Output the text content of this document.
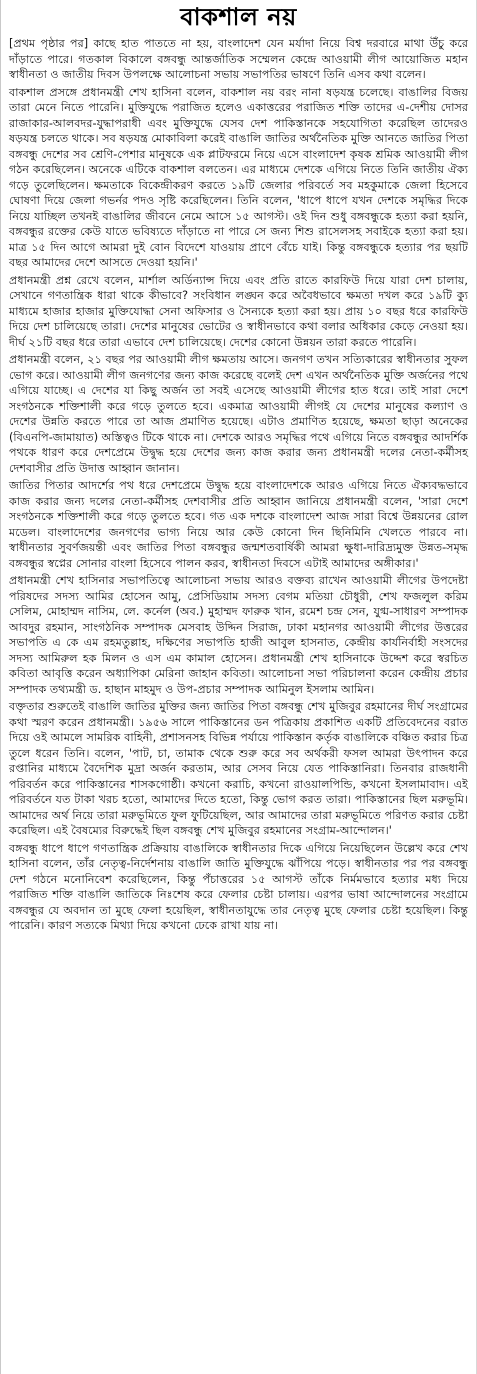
বাকশাল নয়

[প্রথম পৃষ্ঠার পর] কাছে হাত পাততে না হয়, বাংলাদেশ যেন মর্যাদা নিয়ে বিশ্ব দরবারে মাথা উঁচু করে দাঁড়াতে পারে। গতকাল বিকালে বঙ্গবন্ধু আন্তর্জাতিক সম্মেলন কেন্দ্রে আওয়ামী লীগ আয়োজিত মহান স্বাধীনতা ও জাতীয় দিবস উপলক্ষে আলোচনা সভায় সভাপতির ভাষণে তিনি এসব কথা বলেন।

বাকশাল প্রসঙ্গে প্রধানমন্ত্রী শেখ হাসিনা বলেন, বাকশাল নয় বরং নানা ষড়যন্ত্র চলেছে। বাঙালির বিজয় তারা মেনে নিতে পারেনি। মুক্তিযুদ্ধে পরাজিত হলেও একাত্তরের পরাজিত শক্তি তাদের এ-দেশীয় দোসর রাজাকার-আলবদর-যুদ্ধাপরাধী এবং মুক্তিযুদ্ধে যেসব দেশ পাকিস্তানকে সহযোগিতা করেছিল তাদেরও ষড়যন্ত্র চলতে থাকে। সব ষড়যন্ত্র মোকাবিলা করেই বাঙালি জাতির অর্থনৈতিক মুক্তি আনতে জাতির পিতা বঙ্গবন্ধু দেশের সব শ্রেণি-পেশার মানুষকে এক প্লাটফরমে নিয়ে এসে বাংলাদেশ কৃষক শ্রমিক আওয়ামী লীগ গঠন করেছিলেন। অনেকে এটিকে বাকশাল বলতেন। এর মাধ্যমে দেশকে এগিয়ে নিতে তিনি জাতীয় ঐক্য গড়ে তুলেছিলেন। ক্ষমতাকে বিকেন্দ্রীকরণ করতে ১৯টি জেলার পরিবর্তে সব মহকুমাকে জেলা হিসেবে ঘোষণা দিয়ে জেলা গভর্নর পদও সৃষ্টি করেছিলেন। তিনি বলেন, 'ধাপে ধাপে যখন দেশকে সমৃদ্ধির দিকে নিয়ে যাচ্ছিল তখনই বাঙালির জীবনে নেমে আসে ১৫ আগস্ট। ওই দিন শুধু বঙ্গবন্ধুকে হত্যা করা হয়নি, বঙ্গবন্ধুর রক্তের কেউ যাতে ভবিষ্যতে দাঁড়াতে না পারে সে জন্য শিশু রাসেলসহ সবাইকে হত্যা করা হয়। মাত্র ১৫ দিন আগে আমরা দুই বোন বিদেশে যাওয়ায় প্রাণে বেঁচে যাই। কিন্তু বঙ্গবন্ধুকে হত্যার পর ছয়টি বছর আমাদের দেশে আসতে দেওয়া হয়নি।'

প্রধানমন্ত্রী প্রশ্ন রেখে বলেন, মার্শাল অর্ডিন্যান্স দিয়ে এবং প্রতি রাতে কারফিউ দিয়ে যারা দেশ চালায়, সেখানে গণতান্ত্রিক ধারা থাকে কীভাবে? সংবিধান লঙ্ঘন করে অবৈধভাবে ক্ষমতা দখল করে ১৯টি ক্যু মাধ্যমে হাজার হাজার মুক্তিযোদ্ধা সেনা অফিসার ও সৈন্যকে হত্যা করা হয়। প্রায় ১০ বছর ধরে কারফিউ দিয়ে দেশ চালিয়েছে তারা। দেশের মানুষের ভোটের ও স্বাধীনভাবে কথা বলার অধিকার কেড়ে নেওয়া হয়। দীর্ঘ ২১টি বছর ধরে তারা এভাবে দেশ চালিয়েছে। দেশের কোনো উন্নয়ন তারা করতে পারেনি।

প্রধানমন্ত্রী বলেন, ২১ বছর পর আওয়ামী লীগ ক্ষমতায় আসে। জনগণ তখন সত্যিকারের স্বাধীনতার সুফল ভোগ করে। আওয়ামী লীগ জনগণের জন্য কাজ করেছে বলেই দেশ এখন অর্থনৈতিক মুক্তি অর্জনের পথে এগিয়ে যাচ্ছে। এ দেশের যা কিছু অর্জন তা সবই এসেছে আওয়ামী লীগের হাত ধরে। তাই সারা দেশে সংগঠনকে শক্তিশালী করে গড়ে তুলতে হবে। একমাত্র আওয়ামী লীগই যে দেশের মানুষের কল্যাণ ও দেশের উন্নতি করতে পারে তা আজ প্রমাণিত হয়েছে। এটাও প্রমাণিত হয়েছে, ক্ষমতা ছাড়া অনেকের (বিএনপি-জামায়াত) অস্তিত্বও টিকে থাকে না। দেশকে আরও সমৃদ্ধির পথে এগিয়ে নিতে বঙ্গবন্ধুর আদর্শিক পথকে ধারণ করে দেশপ্রেমে উদ্বুদ্ধ হয়ে দেশের জন্য কাজ করার জন্য প্রধানমন্ত্রী দলের নেতা-কর্মীসহ দেশবাসীর প্রতি উদাত্ত আহ্বান জানান।

জাতির পিতার আদর্শের পথ ধরে দেশপ্রেমে উদ্বুদ্ধ হয়ে বাংলাদেশকে আরও এগিয়ে নিতে ঐক্যবদ্ধভাবে কাজ করার জন্য দলের নেতা-কর্মীসহ দেশবাসীর প্রতি আহ্বান জানিয়ে প্রধানমন্ত্রী বলেন, 'সারা দেশে সংগঠনকে শক্তিশালী করে গড়ে তুলতে হবে। গত এক দশকে বাংলাদেশ আজ সারা বিশ্বে উন্নয়নের রোল মডেল। বাংলাদেশের জনগণের ভাগ্য নিয়ে আর কেউ কোনো দিন ছিনিমিনি খেলতে পারবে না। স্বাধীনতার সুবর্ণজয়ন্তী এবং জাতির পিতা বঙ্গবন্ধুর জন্মশতবার্ষিকী আমরা ক্ষুধা-দারিদ্র্যমুক্ত উন্নত-সমৃদ্ধ বঙ্গবন্ধুর স্বপ্নের সোনার বাংলা হিসেবে পালন করব, স্বাধীনতা দিবসে এটাই আমাদের অঙ্গীকার।'

প্রধানমন্ত্রী শেখ হাসিনার সভাপতিত্বে আলোচনা সভায় আরও বক্তব্য রাখেন আওয়ামী লীগের উপদেষ্টা পরিষদের সদস্য আমির হোসেন আমু, প্রেসিডিয়াম সদস্য বেগম মতিয়া চৌধুরী, শেখ ফজলুল করিম সেলিম, মোহাম্মদ নাসিম, লে. কর্নেল (অব.) মুহাম্মদ ফারুক খান, রমেশ চন্দ্র সেন, যুগ্ম-সাধারণ সম্পাদক আবদুর রহমান, সাংগঠনিক সম্পাদক মেসবাহ উদ্দিন সিরাজ, ঢাকা মহানগর আওয়ামী লীগের উত্তরের সভাপতি এ কে এম রহমতুল্লাহ, দক্ষিণের সভাপতি হাজী আবুল হাসনাত, কেন্দ্রীয় কার্যনির্বাহী সংসদের সদস্য আমিরুল হক মিলন ও এস এম কামাল হোসেন। প্রধানমন্ত্রী শেখ হাসিনাকে উদ্দেশ করে স্বরচিত কবিতা আবৃত্তি করেন অধ্যাপিকা মেরিনা জাহান কবিতা। আলোচনা সভা পরিচালনা করেন কেন্দ্রীয় প্রচার সম্পাদক তথ্যমন্ত্রী ড. হাছান মাহমুদ ও উপ-প্রচার সম্পাদক আমিনুল ইসলাম আমিন।

বক্তৃতার শুরুতেই বাঙালি জাতির মুক্তির জন্য জাতির পিতা বঙ্গবন্ধু শেখ মুজিবুর রহমানের দীর্ঘ সংগ্রামের কথা স্মরণ করেন প্রধানমন্ত্রী। ১৯৫৬ সালে পাকিস্তানের ডন পত্রিকায় প্রকাশিত একটি প্রতিবেদনের বরাত দিয়ে ওই আমলে সামরিক বাহিনী, প্রশাসনসহ বিভিন্ন পর্যায়ে পাকিস্তান কর্তৃক বাঙালিকে বঞ্চিত করার চিত্র তুলে ধরেন তিনি। বলেন, 'পাট, চা, তামাক থেকে শুরু করে সব অর্থকরী ফসল আমরা উৎপাদন করে রপ্তানির মাধ্যমে বৈদেশিক মুদ্রা অর্জন করতাম, আর সেসব নিয়ে যেত পাকিস্তানিরা। তিনবার রাজধানী পরিবর্তন করে পাকিস্তানের শাসকগোষ্ঠী। কখনো করাচি, কখনো রাওয়ালপিন্ডি, কখনো ইসলামাবাদ। এই পরিবর্তনে যত টাকা খরচ হতো, আমাদের দিতে হতো, কিন্তু ভোগ করত তারা। পাকিস্তানের ছিল মরুভূমি। আমাদের অর্থ নিয়ে তারা মরুভূমিতে ফুল ফুটিয়েছিল, আর আমাদের তারা মরুভূমিতে পরিণত করার চেষ্টা করেছিল। এই বৈষম্যের বিরুদ্ধেই ছিল বঙ্গবন্ধু শেখ মুজিবুর রহমানের সংগ্রাম-আন্দোলন।'

বঙ্গবন্ধু ধাপে ধাপে গণতান্ত্রিক প্রক্রিয়ায় বাঙালিকে স্বাধীনতার দিকে এগিয়ে নিয়েছিলেন উল্লেখ করে শেখ হাসিনা বলেন, তাঁর নেতৃত্ব-নির্দেশনায় বাঙালি জাতি মুক্তিযুদ্ধে ঝাঁপিয়ে পড়ে। স্বাধীনতার পর পর বঙ্গবন্ধু দেশ গঠনে মনোনিবেশ করেছিলেন, কিন্তু পঁচাত্তরের ১৫ আগস্ট তাঁকে নির্মমভাবে হত্যার মধ্য দিয়ে পরাজিত শক্তি বাঙালি জাতিকে নিঃশেষ করে ফেলার চেষ্টা চালায়। এরপর ভাষা আন্দোলনের সংগ্রামে বঙ্গবন্ধুর যে অবদান তা মুছে ফেলা হয়েছিল, স্বাধীনতাযুদ্ধে তার নেতৃত্ব মুছে ফেলার চেষ্টা হয়েছিল। কিন্তু পারেনি। কারণ সত্যকে মিথ্যা দিয়ে কখনো ঢেকে রাখা যায় না।
